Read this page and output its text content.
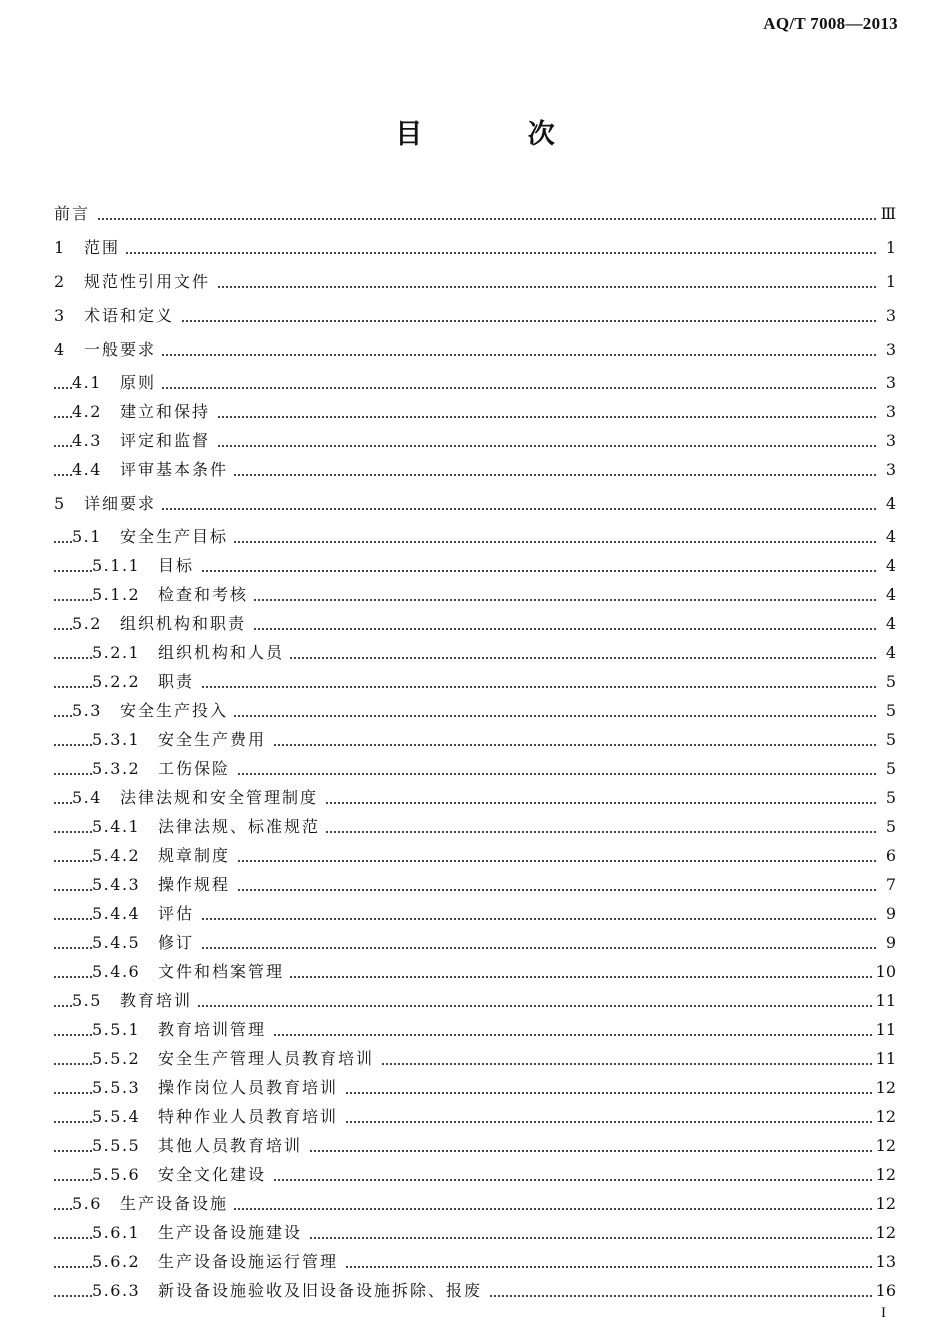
AQ/T 7008—2013
目 次
前言	Ⅲ
1 范围	1
2 规范性引用文件	1
3 术语和定义	3
4 一般要求	3
4.1 原则	3
4.2 建立和保持	3
4.3 评定和监督	3
4.4 评审基本条件	3
5 详细要求	4
5.1 安全生产目标	4
5.1.1 目标	4
5.1.2 检查和考核	4
5.2 组织机构和职责	4
5.2.1 组织机构和人员	4
5.2.2 职责	5
5.3 安全生产投入	5
5.3.1 安全生产费用	5
5.3.2 工伤保险	5
5.4 法律法规和安全管理制度	5
5.4.1 法律法规、标准规范	5
5.4.2 规章制度	6
5.4.3 操作规程	7
5.4.4 评估	9
5.4.5 修订	9
5.4.6 文件和档案管理	10
5.5 教育培训	11
5.5.1 教育培训管理	11
5.5.2 安全生产管理人员教育培训	11
5.5.3 操作岗位人员教育培训	12
5.5.4 特种作业人员教育培训	12
5.5.5 其他人员教育培训	12
5.5.6 安全文化建设	12
5.6 生产设备设施	12
5.6.1 生产设备设施建设	12
5.6.2 生产设备设施运行管理	13
5.6.3 新设备设施验收及旧设备设施拆除、报废	16
I
